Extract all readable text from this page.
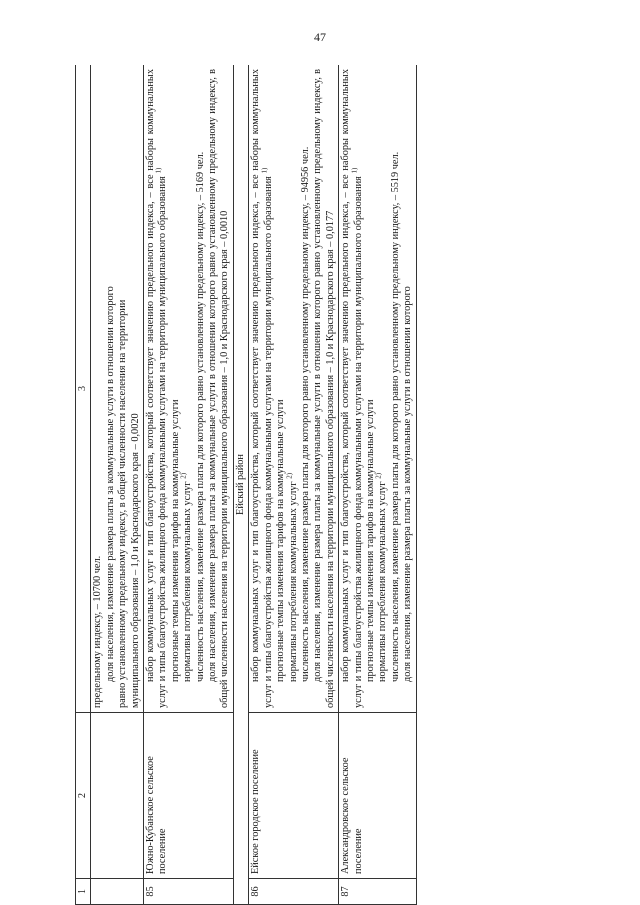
47
1	2	3

		предельному индексу, – 10700 чел. доля населения, изменение размера платы за коммунальные услуги в отношении которого равно установленному предельному индексу, в общей численности населения на территории муниципального образования – 1,0 и Краснодарского края – 0,0020

85	Южно-Кубанское сельское поселение	набор коммунальных услуг и тип благоустройства, который соответствует значению предельного индекса, – все наборы коммунальных услуг и типы благоустройства жилищного фонда коммунальными услугами на территории муниципального образования $^{1)}$
прогнозные темпы изменения тарифов на коммунальные услуги нормативы потребления коммунальных услуг $^{2)}$ численность населения, изменение размера платы для которого равно установленному предельному индексу, – 5169 чел. доля населения, изменение размера платы за коммунальные услуги в отношении которого равно установленному предельному индексу, в общей численности населения на территории муниципального образования – 1,0 и Краснодарского края – 0,0010

Ейский район		
86	Ейское городское поселение	набор коммунальных услуг и тип благоустройства, который соответствует значению предельного индекса, – все наборы коммунальных услуг и типы благоустройства жилищного фонда коммунальными услугами на территории муниципального образования $^{1)}$
прогнозные темпы изменения тарифов на коммунальные услуги нормативы потребления коммунальных услуг $^{2)}$ численность населения, изменение размера платы для которого равно установленному предельному индексу, – 94956 чел. доля населения, изменение размера платы за коммунальные услуги в отношении которого равно установленному предельному индексу, в общей численности населения на территории муниципального образования – 1,0 и Краснодарского края – 0,0177

87	Александровское сельское поселение	набор коммунальных услуг и тип благоустройства, который соответствует значению предельного индекса, – все наборы коммунальных услуг и типы благоустройства жилищного фонда коммунальными услугами на территории муниципального образования $^{1)}$
прогнозные темпы изменения тарифов на коммунальные услуги нормативы потребления коммунальных услуг $^{2)}$ численность населения, изменение размера платы для которого равно установленному предельному индексу, – 5519 чел. доля населения, изменение размера платы за коммунальные услуги в отношении которого
